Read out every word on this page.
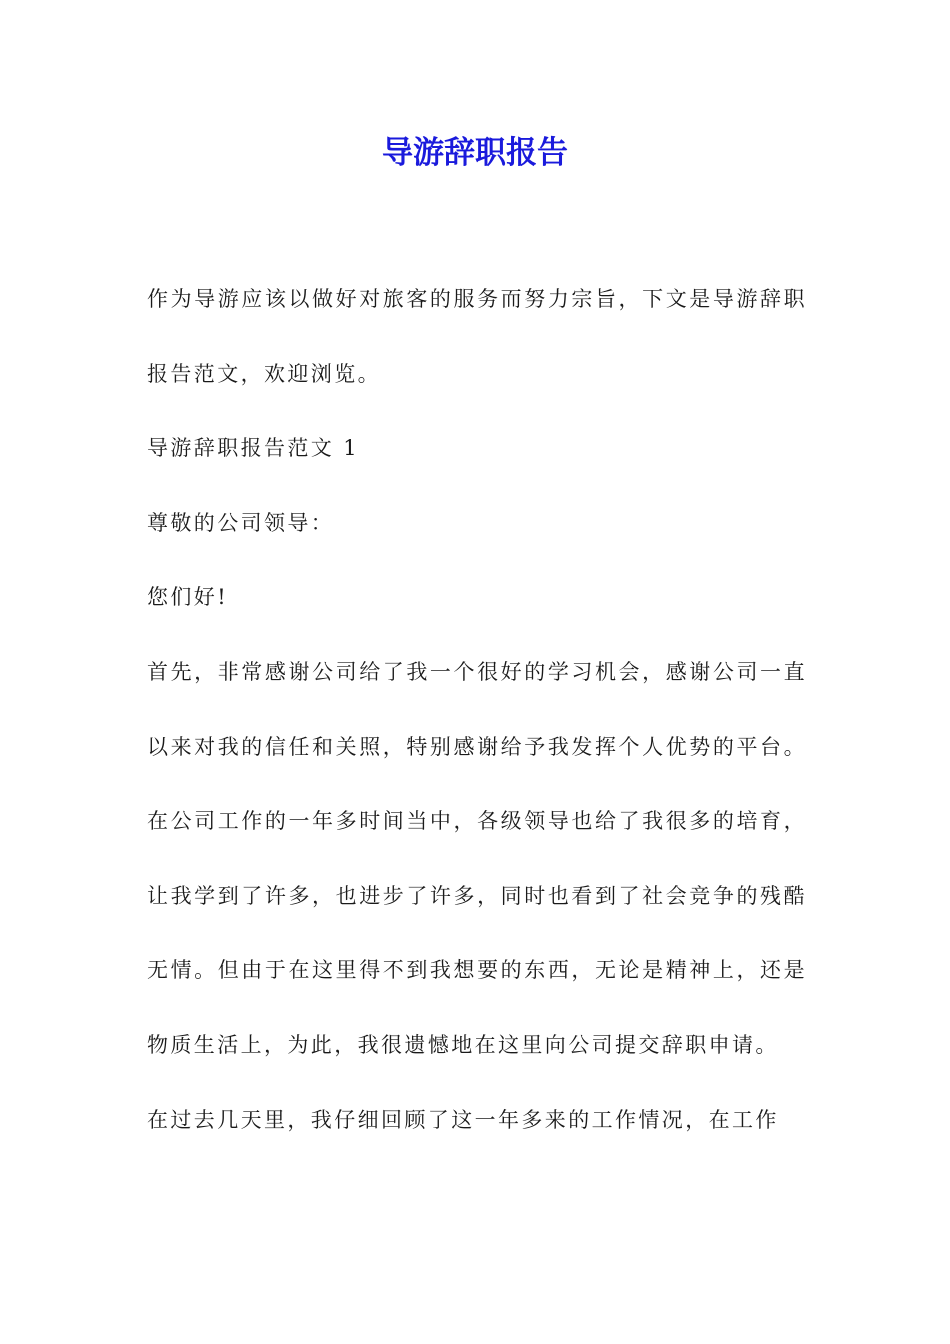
导游辞职报告

作为导游应该以做好对旅客的服务而努力宗旨，下文是导游辞职报告范文，欢迎浏览。

导游辞职报告范文 1

尊敬的公司领导：

您们好!

首先，非常感谢公司给了我一个很好的学习机会，感谢公司一直以来对我的信任和关照，特别感谢给予我发挥个人优势的平台。在公司工作的一年多时间当中，各级领导也给了我很多的培育，让我学到了许多，也进步了许多，同时也看到了社会竞争的残酷无情。但由于在这里得不到我想要的东西，无论是精神上，还是物质生活上，为此，我很遗憾地在这里向公司提交辞职申请。

在过去几天里，我仔细回顾了这一年多来的工作情况，在工作
